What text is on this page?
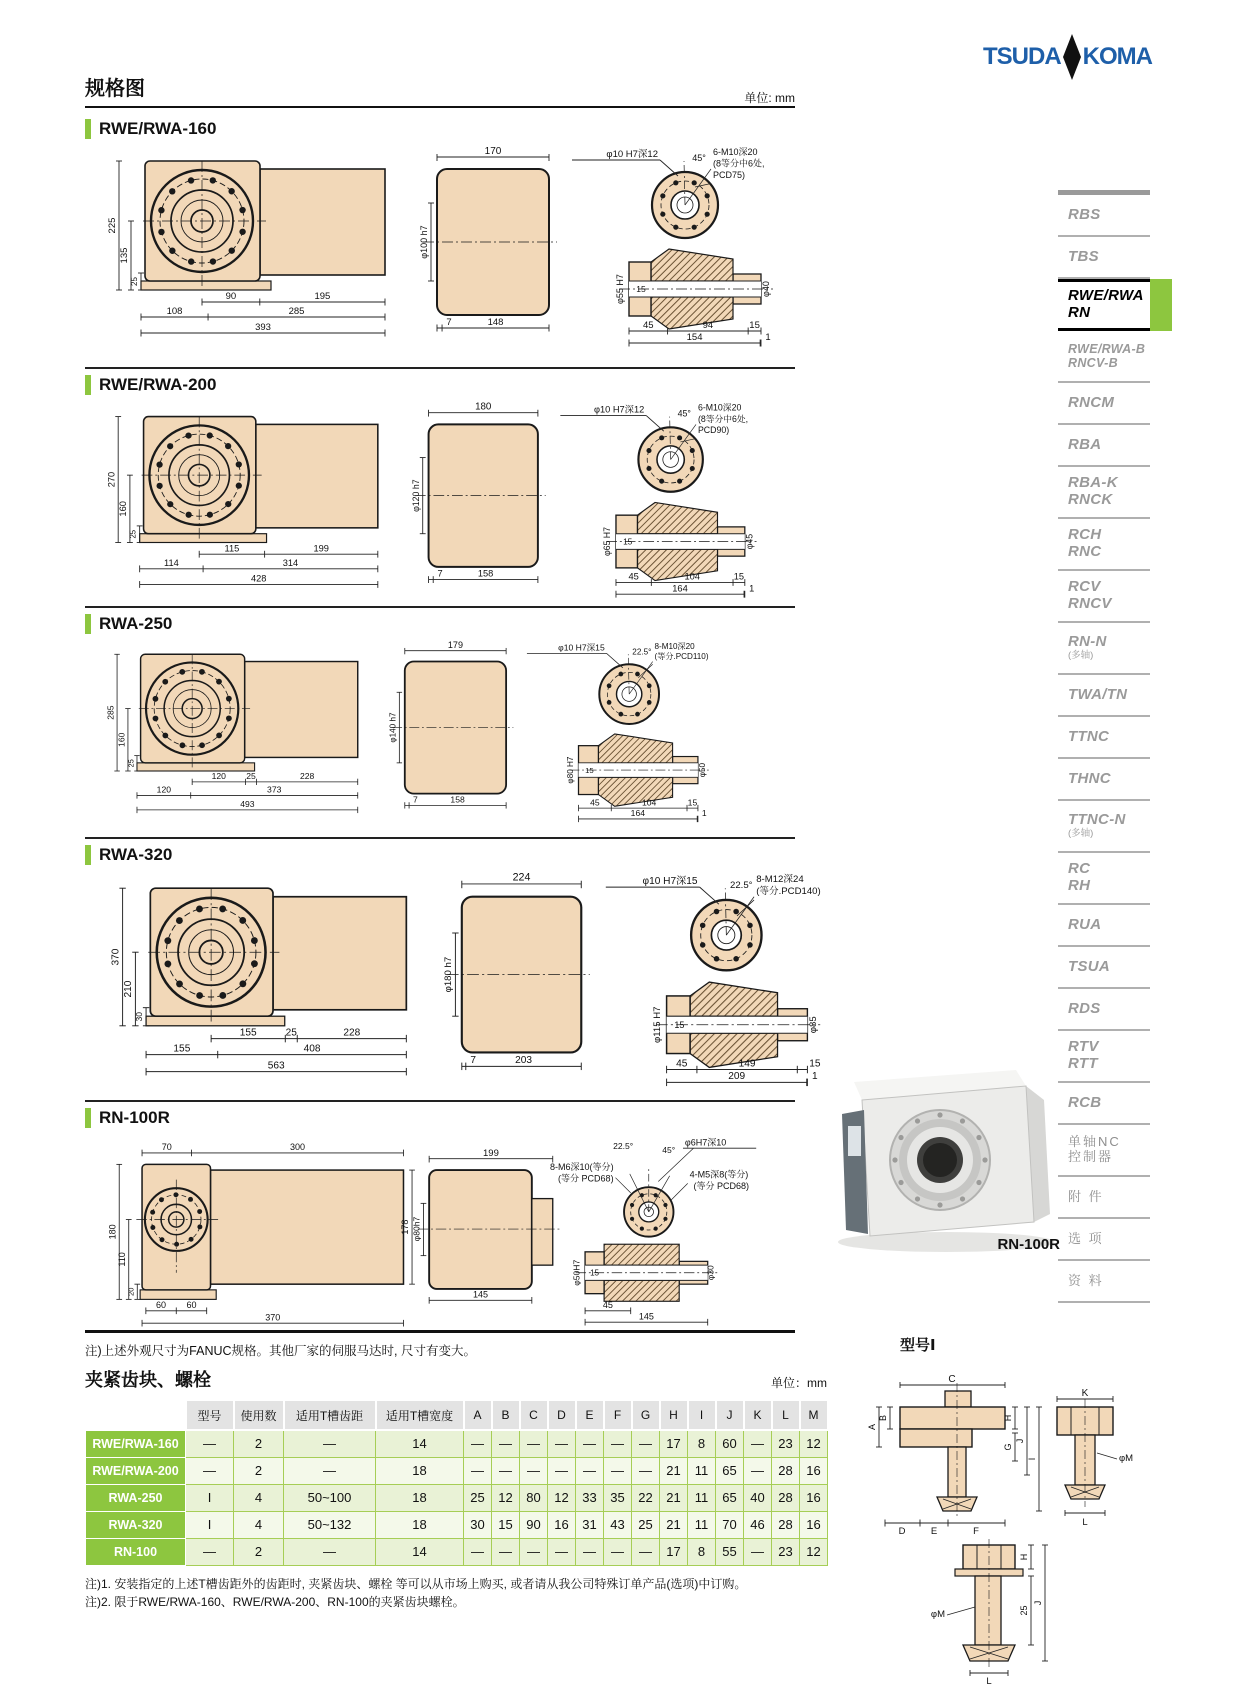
TSUDA KOMA
规格图	单位: mm
RWE/RWA-160
225
135
25
90	195
108	285
393
170
φ100 h7
7	148
45°
φ10 H7深12	6-M10深20
(8等分中6处,
PCD75)
φ55 H7 15	φ40
45	94	15
154	1
RWE/RWA-200
270
160
25
115	199
114	314
428
180
φ120 h7
7	158
45°
φ10 H7深12	6-M10深20
(8等分中6处,
PCD90)
φ65 H7 15	φ45
45	104	15
164	1
RWA-250
285
160
25
120 25	228
120	373
493
179
φ140 h7
7	158
22.5°
φ10 H7深15	8-M10深20
(等分.PCD110)
φ80 H7 15	φ50
45	104	15
164	1
RWA-320
370
210
30
155	25	228
155	408
563
224
φ180 h7
7	203
22.5°
φ10 H7深15	8-M12深24
(等分.PCD140)
φ115 H7 15	φ85
45	149	15
209	1
RN-100R
70	300
180
110
20
178
60 60
370
199
φ80h7
145
22.5°	45°
φ6H7深10
8-M6深10(等分)
(等分 PCD68)	4-M5深8(等分)
(等分 PCD68)
φ50H7 15	φ30
45
145
注)上述外观尺寸为FANUC规格。其他厂家的伺服马达时, 尺寸有变大。
RBS
TBS
RWE/RWA
RN
RWE/RWA-B
RNCV-B
RNCM
RBA
RBA-K
RNCK
RCH
RNC
RCV
RNCV
RN-N
(多轴)
TWA/TN
TTNC
THNC
TTNC-N
(多轴)
RC
RH
RUA
TSUA
RDS
RTV
RTT
RCB
单轴NC
控制器
附 件
选 项
资 料
RN-100R
夹紧齿块、螺栓	单位：mm
	型号	使用数	适用T槽齿距	适用T槽宽度	A	B	C	D	E	F	G	H	I	J	K	L	M
RWE/RWA-160	—	2	—	14	—	—	—	—	—	—	—	17	8	60	—	23	12
RWE/RWA-200	—	2	—	18	—	—	—	—	—	—	—	21	11	65	—	28	16
RWA-250	I	4	50~100	18	25	12	80	12	33	35	22	21	11	65	40	28	16
RWA-320	I	4	50~132	18	30	15	90	16	31	43	25	21	11	70	46	28	16
RN-100	—	2	—	14	—	—	—	—	—	—	—	17	8	55	—	23	12
注)1. 安装指定的上述T槽齿距外的齿距时, 夹紧齿块、螺栓 等可以从市场上购买, 或者请从我公司特殊订单产品(选项)中订购。
注)2. 限于RWE/RWA-160、RWE/RWA-200、RN-100的夹紧齿块螺栓。
型号Ⅰ
C
A
B	H
G
J
I
D	E	F
K
φM
L
φM
H
25
J
L
